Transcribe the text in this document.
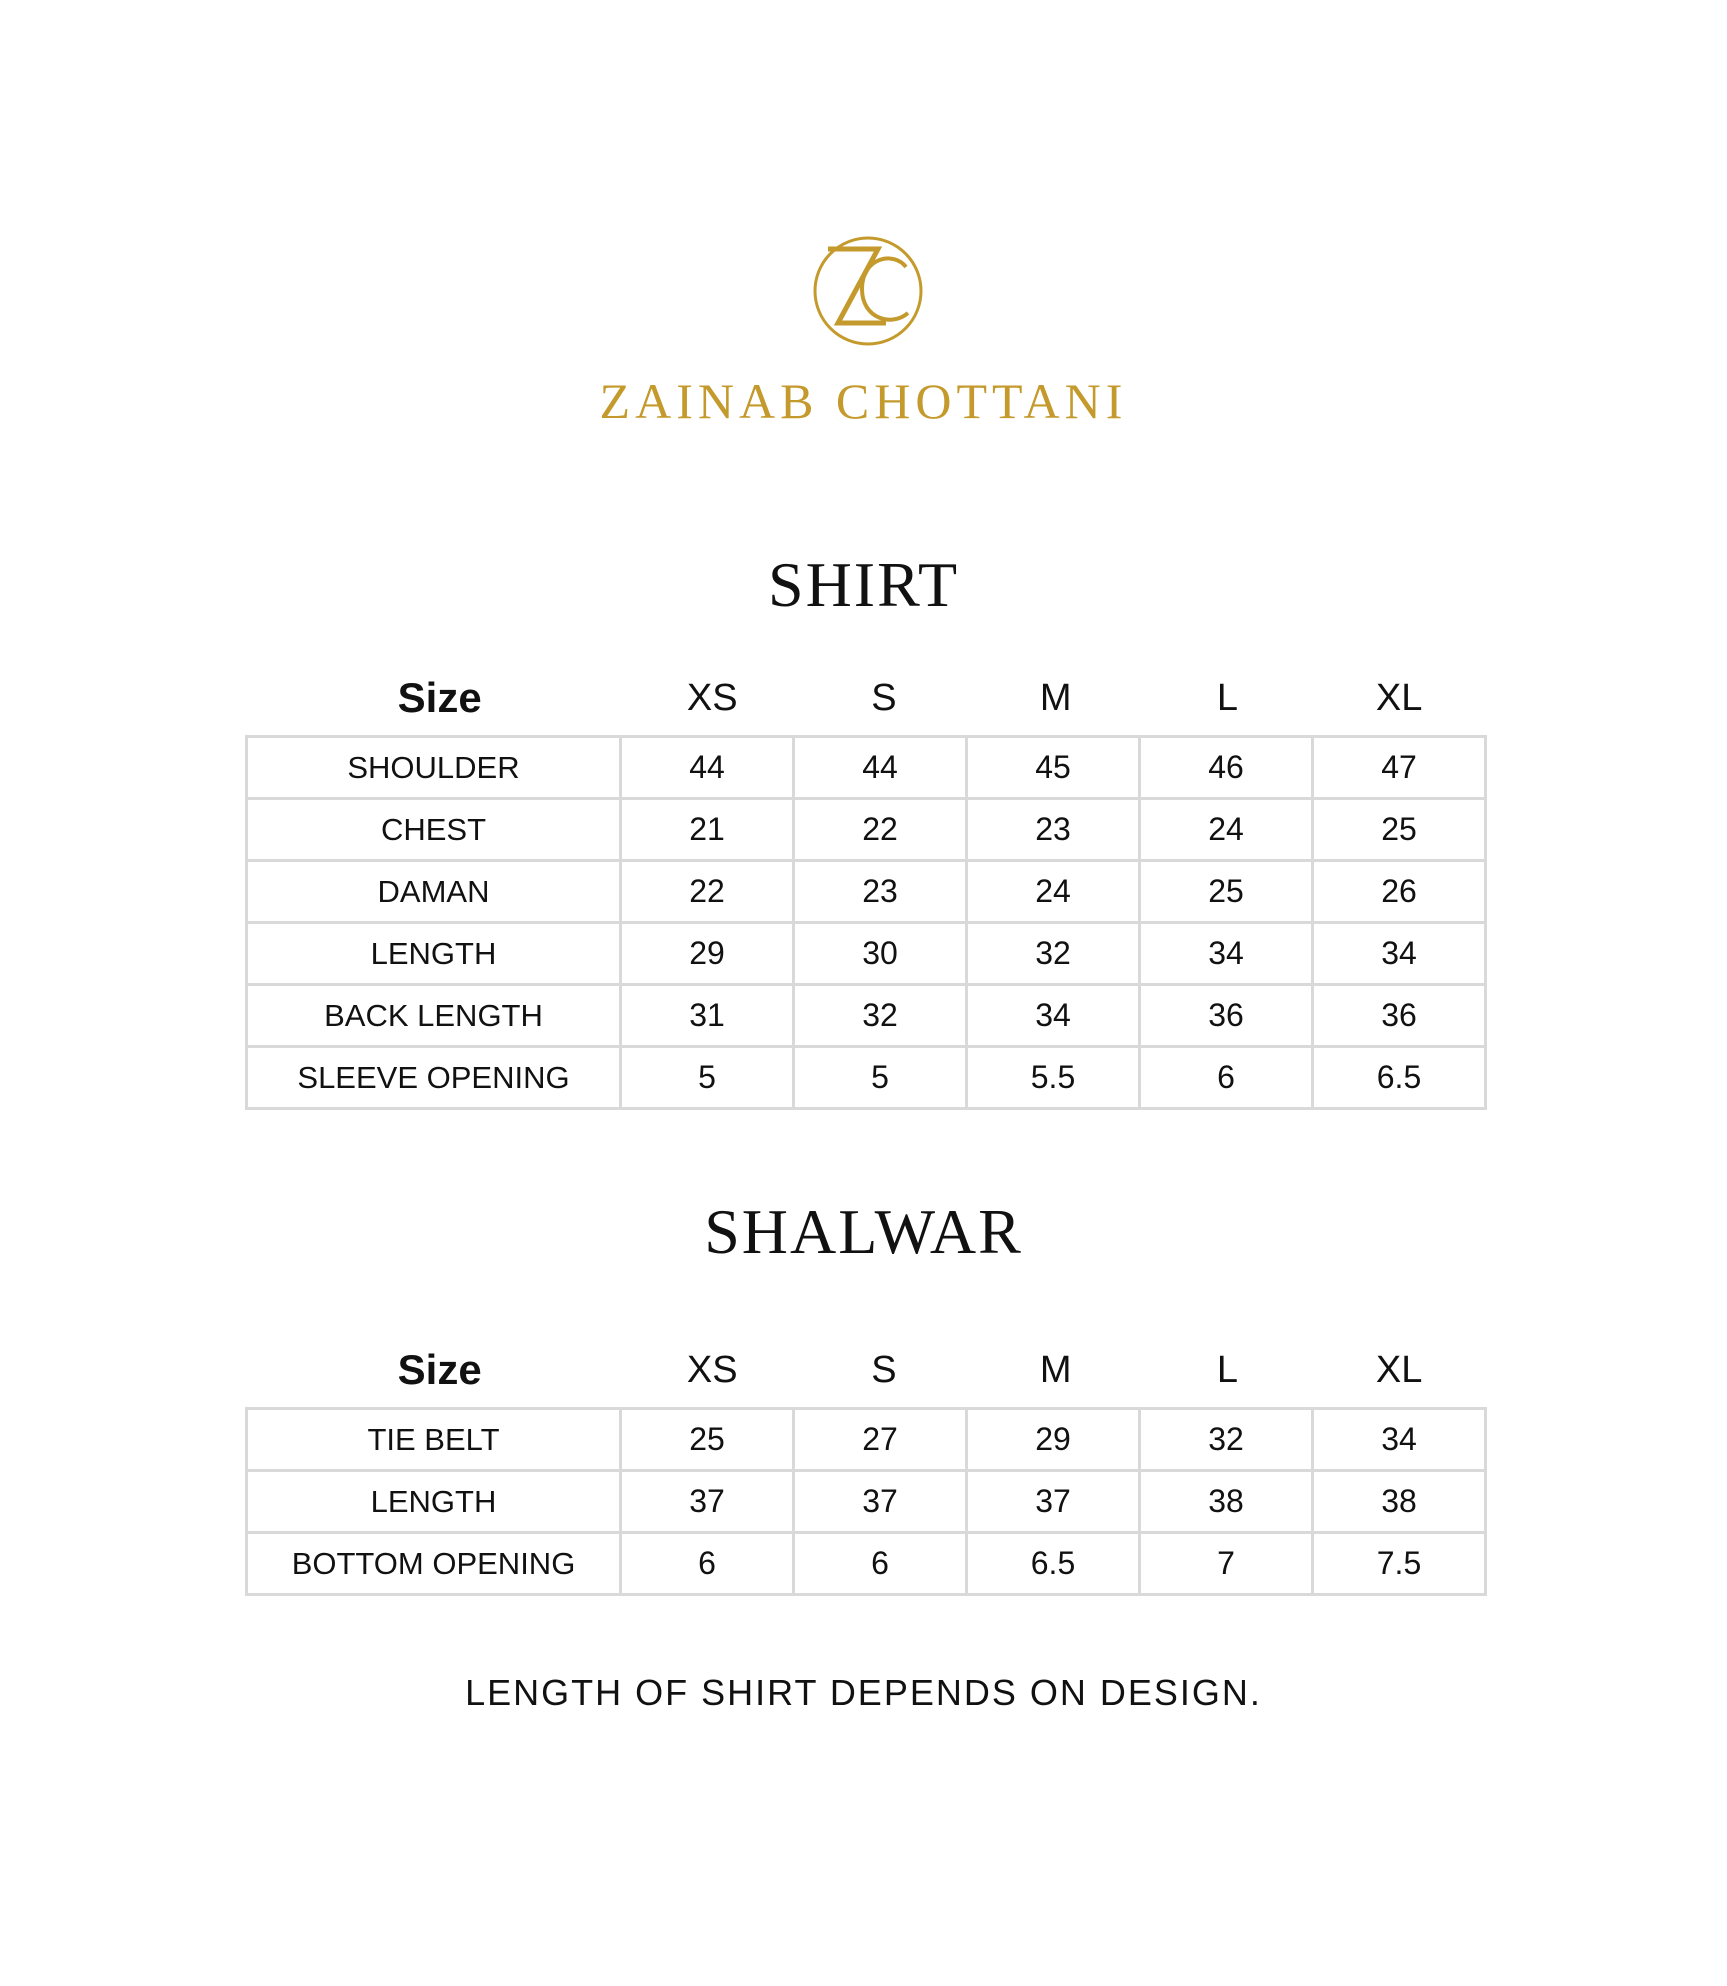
ZAINAB CHOTTANI
SHIRT
Size	XS	S	M	L	XL
SHOULDER	44	44	45	46	47
CHEST	21	22	23	24	25
DAMAN	22	23	24	25	26
LENGTH	29	30	32	34	34
BACK LENGTH	31	32	34	36	36
SLEEVE OPENING	5	5	5.5	6	6.5
SHALWAR
Size	XS	S	M	L	XL
TIE BELT	25	27	29	32	34
LENGTH	37	37	37	38	38
BOTTOM OPENING	6	6	6.5	7	7.5
LENGTH OF SHIRT DEPENDS ON DESIGN.
